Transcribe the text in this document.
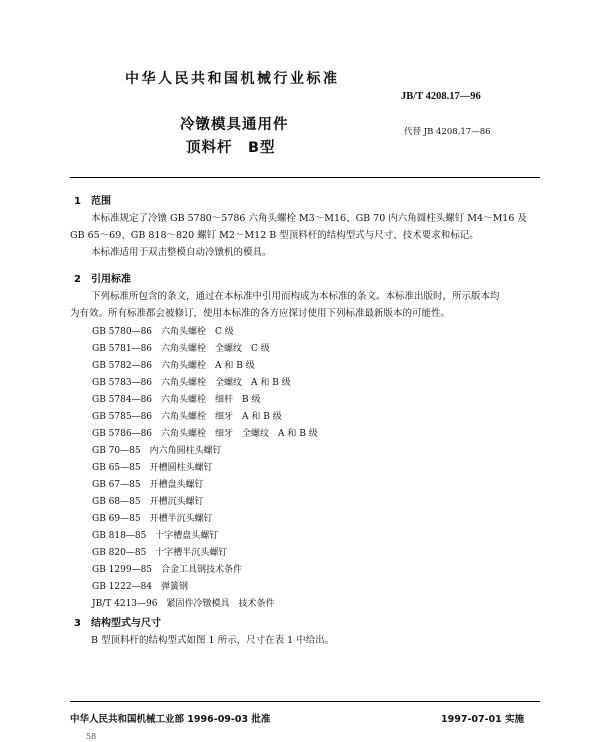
中华人民共和国机械行业标准
JB/T 4208.17—96
冷镦模具通用件
顶料杆　B型
代替 JB 4208.17—86
1　范围
本标准规定了冷镦 GB 5780～5786 六角头螺栓 M3～M16、GB 70 内六角圆柱头螺钉 M4～M16 及
GB 65～69、GB 818～820 螺钉 M2～M12 B 型顶料杆的结构型式与尺寸、技术要求和标记。
本标准适用于双击整模自动冷镦机的模具。
2　引用标准
下列标准所包含的条文，通过在本标准中引用而构成为本标准的条文。本标准出版时，所示版本均
为有效。所有标准都会被修订，使用本标准的各方应探讨使用下列标准最新版本的可能性。
GB 5780—86　六角头螺栓　C 级
GB 5781—86　六角头螺栓　全螺纹　C 级
GB 5782—86　六角头螺栓　A 和 B 级
GB 5783—86　六角头螺栓　全螺纹　A 和 B 级
GB 5784—86　六角头螺栓　细杆　B 级
GB 5785—86　六角头螺栓　细牙　A 和 B 级
GB 5786—86　六角头螺栓　细牙　全螺纹　A 和 B 级
GB 70—85　内六角圆柱头螺钉
GB 65—85　开槽圆柱头螺钉
GB 67—85　开槽盘头螺钉
GB 68—85　开槽沉头螺钉
GB 69—85　开槽半沉头螺钉
GB 818—85　十字槽盘头螺钉
GB 820—85　十字槽半沉头螺钉
GB 1299—85　合金工具钢技术条件
GB 1222—84　弹簧钢
JB/T 4213—96　紧固件冷镦模具　技术条件
3　结构型式与尺寸
B 型顶料杆的结构型式如图 1 所示，尺寸在表 1 中给出。
中华人民共和国机械工业部 1996-09-03 批准	1997-07-01 实施
58
